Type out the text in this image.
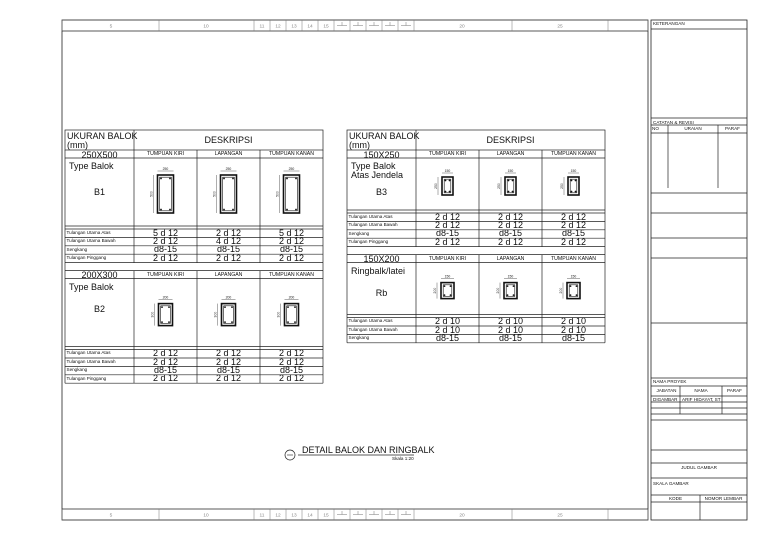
5	10	11 12 13 14 15	20	25
5	10	11 12 13 14 15	20	25
250
500
250
500
250
500
200
300
200
300
200
300
150
250
150
250
150
250
150
200
150
200
150
200
UKURAN BALOK
(mm)	DESKRIPSI
250X500	TUMPUAN KIRI	LAPANGAN	TUMPUAN KANAN
Type Balok
B1
Tulangan Utama Atas	5 d 12	2 d 12	5 d 12
Tulangan Utama Bawah	2 d 12	4 d 12	2 d 12
Sengkang	d8-15	d8-15	d8-15
Tulangan Pinggang	2 d 12	2 d 12	2 d 12
200X300	TUMPUAN KIRI	LAPANGAN	TUMPUAN KANAN
Type Balok
B2
Tulangan Utama Atas	2 d 12	2 d 12	2 d 12
Tulangan Utama Bawah	2 d 12	2 d 12	2 d 12
Sengkang	d8-15	d8-15	d8-15
Tulangan Pinggang	2 d 12	2 d 12	2 d 12
UKURAN BALOK
(mm)	DESKRIPSI
150X250	TUMPUAN KIRI	LAPANGAN	TUMPUAN KANAN
Type Balok
Atas Jendela
B3
Tulangan Utama Atas	2 d 12	2 d 12	2 d 12
Tulangan Utama Bawah	2 d 12	2 d 12	2 d 12
Sengkang	d8-15	d8-15	d8-15
Tulangan Pinggang	2 d 12	2 d 12	2 d 12
150X200	TUMPUAN KIRI	LAPANGAN	TUMPUAN KANAN
Ringbalk/latei
Rb
Tulangan Utama Atas	2 d 10	2 d 10	2 d 10
Tulangan Utama Bawah	2 d 10	2 d 10	2 d 10
Sengkang	d8-15	d8-15	d8-15
DETAIL BALOK DAN RINGBALK
Skala 1:20
KETERANGAN
CATATAN & REVISI
NO	URAIAN	PARAF
NAMA PROYEK
JABATAN	NAMA	PARAF
DIGAMBAR ARIF HIDAYAT, ST
JUDUL GAMBAR
SKALA GAMBAR
KODE	NOMOR LEMBAR
